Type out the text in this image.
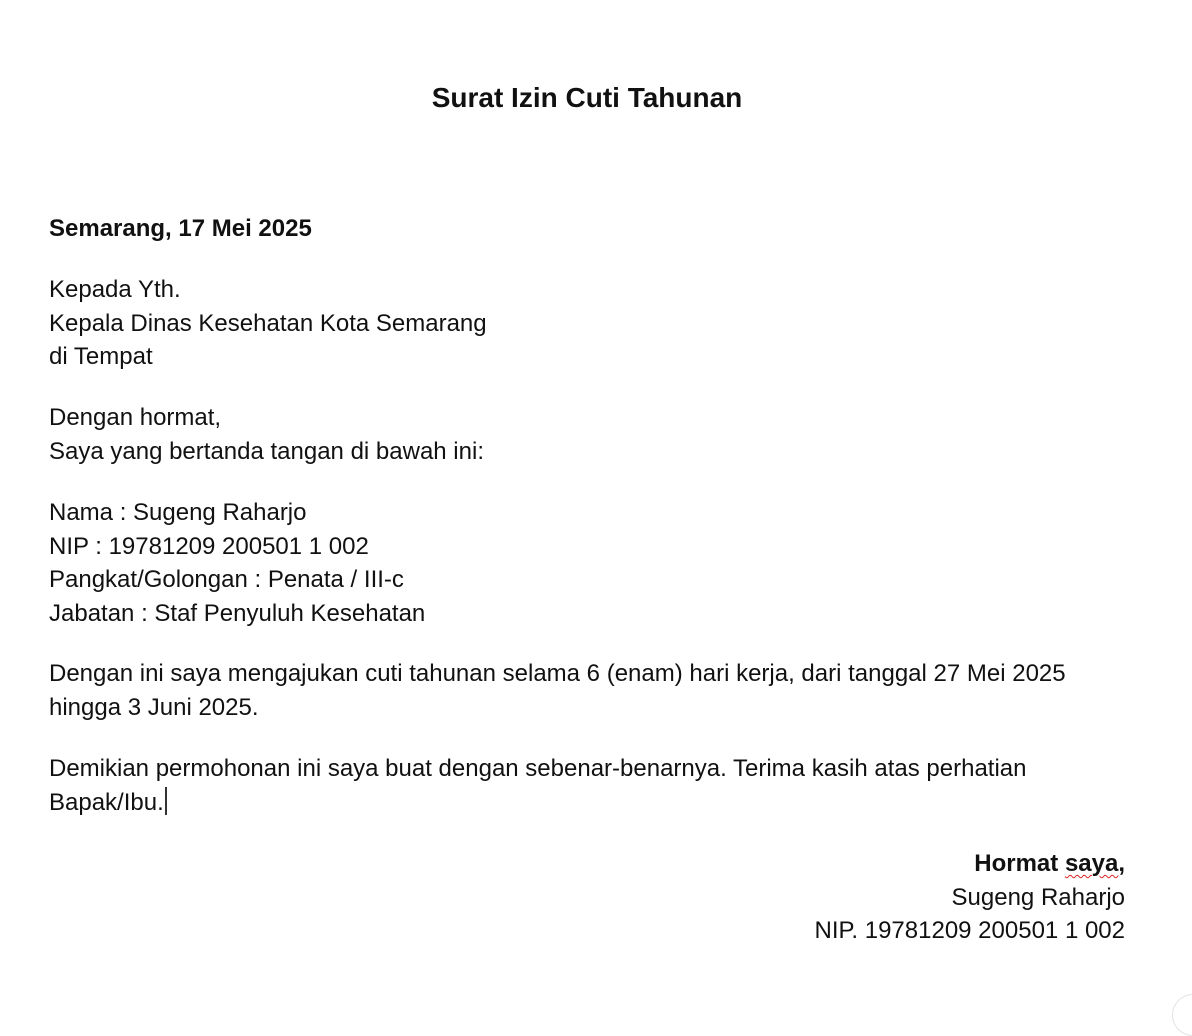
Surat Izin Cuti Tahunan

Semarang, 17 Mei 2025

Kepada Yth.
Kepala Dinas Kesehatan Kota Semarang
di Tempat
Dengan hormat,
Saya yang bertanda tangan di bawah ini:
Nama : Sugeng Raharjo
NIP : 19781209 200501 1 002
Pangkat/Golongan : Penata / III-c
Jabatan : Staf Penyuluh Kesehatan
Dengan ini saya mengajukan cuti tahunan selama 6 (enam) hari kerja, dari tanggal 27 Mei 2025
hingga 3 Juni 2025.
Demikian permohonan ini saya buat dengan sebenar-benarnya. Terima kasih atas perhatian
Bapak/Ibu.
Hormat saya,
Sugeng Raharjo
NIP. 19781209 200501 1 002
